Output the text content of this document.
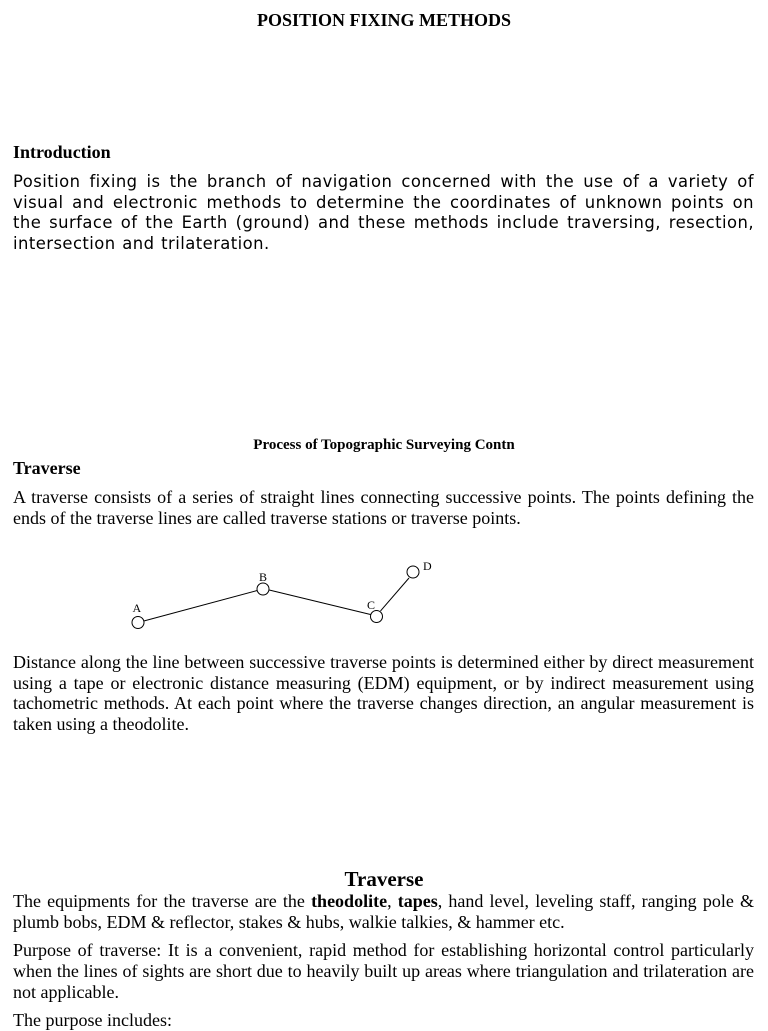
POSITION FIXING METHODS
Introduction
Position fixing is the branch of navigation concerned with the use of a variety of visual and electronic methods to determine the coordinates of unknown points on the surface of the Earth (ground) and these methods include traversing, resection, intersection and trilateration.
Process of Topographic Surveying Contn
Traverse
A traverse consists of a series of straight lines connecting successive points. The points defining the ends of the traverse lines are called traverse stations or traverse points.
A
B
C
D
Distance along the line between successive traverse points is determined either by direct measurement using a tape or electronic distance measuring (EDM) equipment, or by indirect measurement using tachometric methods. At each point where the traverse changes direction, an angular measurement is taken using a theodolite.
Traverse
The equipments for the traverse are the theodolite, tapes, hand level, leveling staff, ranging pole & plumb bobs, EDM & reflector, stakes & hubs, walkie talkies, & hammer etc.
Purpose of traverse: It is a convenient, rapid method for establishing horizontal control particularly when the lines of sights are short due to heavily built up areas where triangulation and trilateration are not applicable.
The purpose includes:
